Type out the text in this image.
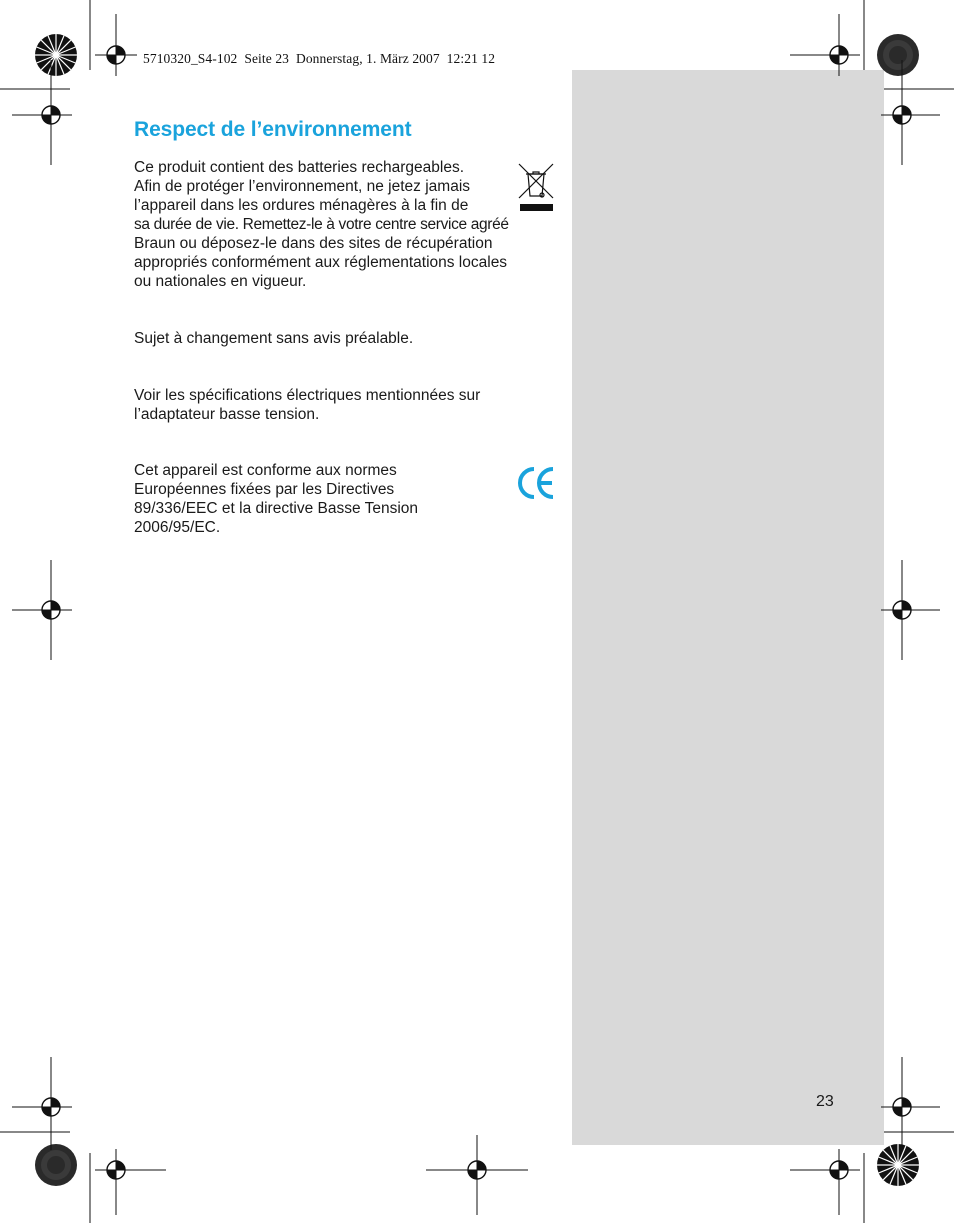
5710320_S4-102  Seite 23  Donnerstag, 1. März 2007  12:21 12
Respect de l’environnement

Ce produit contient des batteries rechargeables.
Afin de protéger l’environnement, ne jetez jamais
l’appareil dans les ordures ménagères à la fin de
sa durée de vie. Remettez-le à votre centre service agréé
Braun ou déposez-le dans des sites de récupération
appropriés conformément aux réglementations locales
ou nationales en vigueur.

Sujet à changement sans avis préalable.

Voir les spécifications électriques mentionnées sur
l’adaptateur basse tension.

Cet appareil est conforme aux normes
Européennes fixées par les Directives
89/336/EEC et la directive Basse Tension
2006/95/EC.

23
